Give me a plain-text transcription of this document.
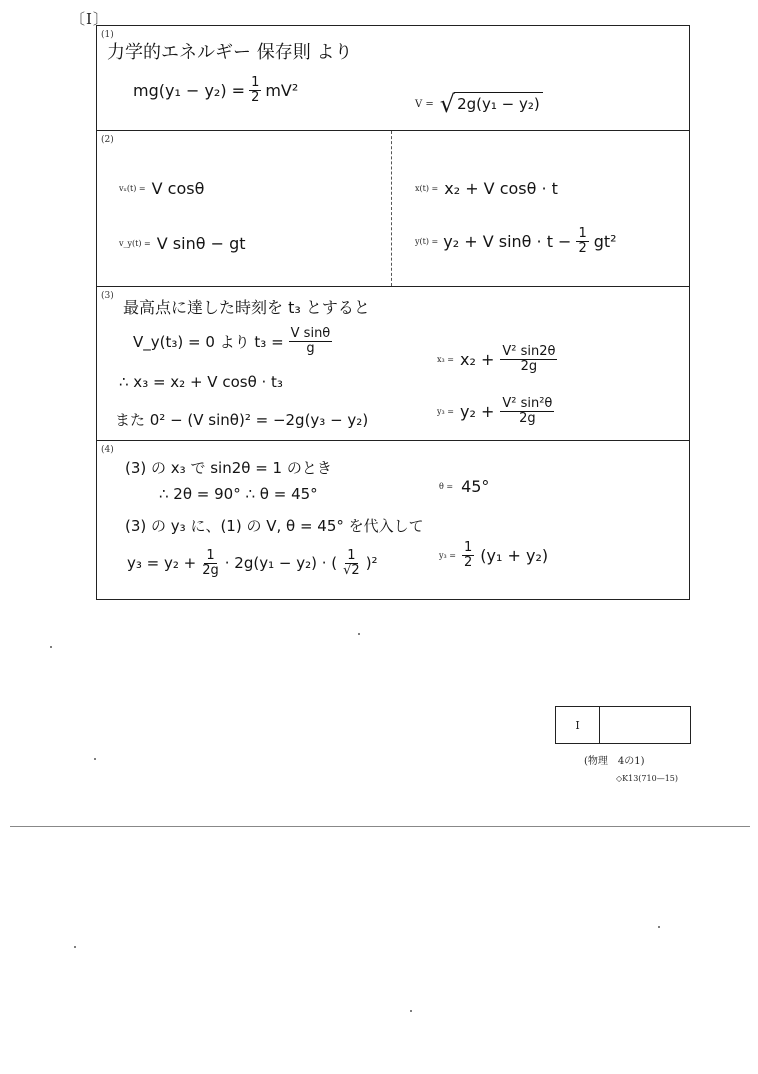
〔Ⅰ〕
(1)
力学的エネルギー 保存則 より
$mg(y_1 - y_2) = \frac{1}{2} mV^2$
V = √ 2g(y₁ − y₂)
(2)
vₓ(t) = V cosθ
v_y(t) = V sinθ − gt
x(t) = x₂ + V cosθ · t
y(t) = y₂ + V $\sin\theta \cdot t - \frac{1}{2} gt^2$
(3)
最高点に達した時刻を t₃ とすると
V_y(t₃) = 0 より $t_3 = \frac{\text{V sinθ}}{g}$
∴ x₃ = x₂ + V cosθ · t₃
また 0² − (V sinθ)² = −2g(y₃ − y₂)
$x_3 = x_2 + \frac{\text{V² sin2θ}}{2g}$
$y_3 = y_2 + \frac{\text{V² sin²θ}}{2g}$
(4)
(3) の x₃ で sin2θ = 1 のとき
∴ 2θ = 90° ∴ θ = 45°
(3) の y₃ に、(1) の V, θ = 45° を代入して
$y_3 = y_2 + \frac{1}{2g} \cdot 2g(y_1 - y_2)$ · ( $\frac{1}{√2} )^2$
θ = 45°
$y_3 = \frac{1}{2} (y_1 + y_2)$
Ⅰ
(物理　4の1)
◇K13(710—15)
